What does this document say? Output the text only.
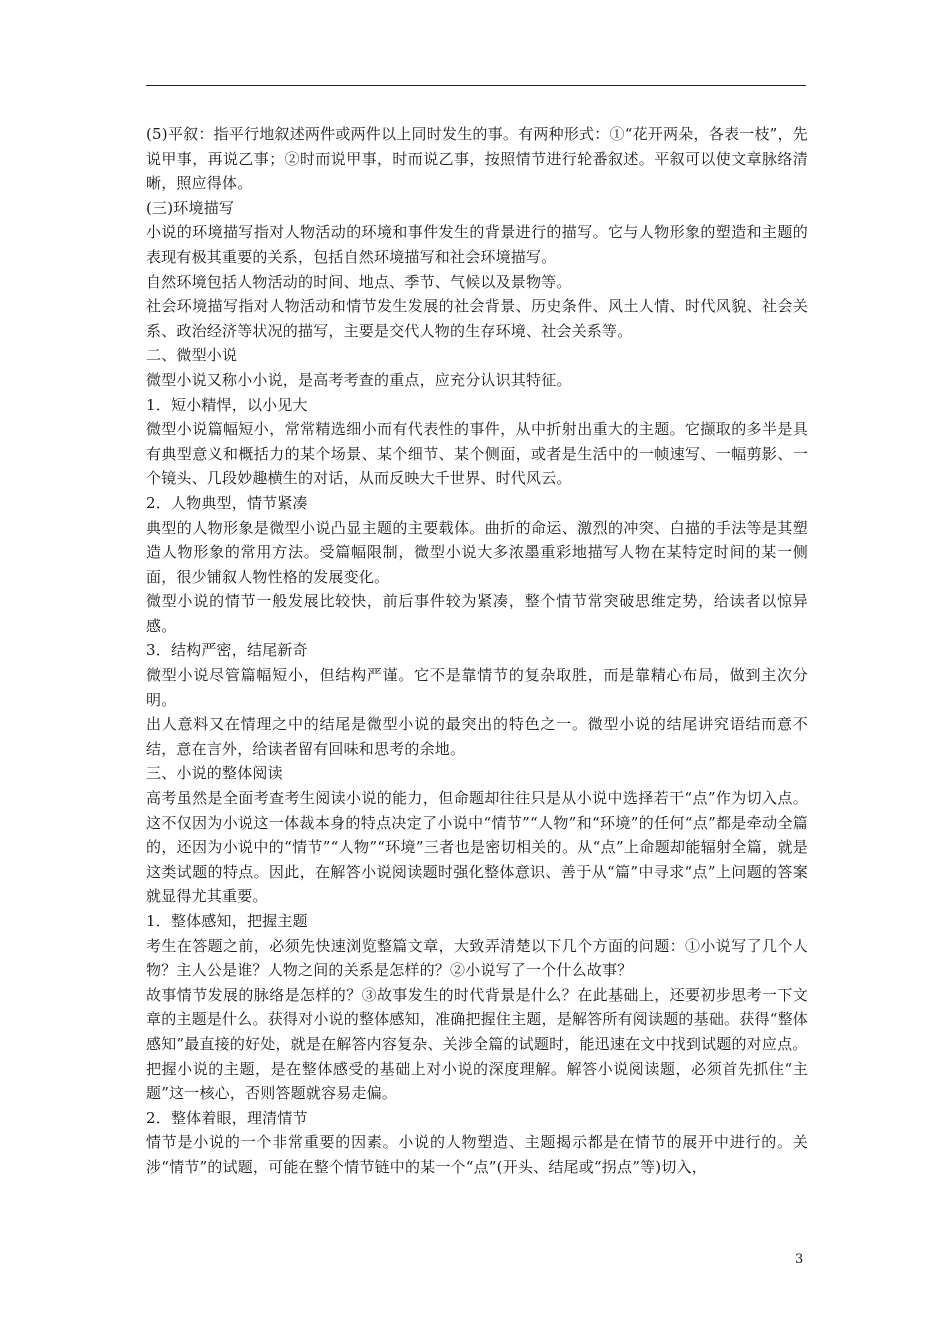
(5)平叙：指平行地叙述两件或两件以上同时发生的事。有两种形式：①“花开两朵，各表一枝”，先说甲事，再说乙事；②时而说甲事，时而说乙事，按照情节进行轮番叙述。平叙可以使文章脉络清晰，照应得体。

(三)环境描写

小说的环境描写指对人物活动的环境和事件发生的背景进行的描写。它与人物形象的塑造和主题的表现有极其重要的关系，包括自然环境描写和社会环境描写。

自然环境包括人物活动的时间、地点、季节、气候以及景物等。

社会环境描写指对人物活动和情节发生发展的社会背景、历史条件、风土人情、时代风貌、社会关系、政治经济等状况的描写，主要是交代人物的生存环境、社会关系等。

二、微型小说

微型小说又称小小说，是高考考查的重点，应充分认识其特征。

1．短小精悍，以小见大

微型小说篇幅短小，常常精选细小而有代表性的事件，从中折射出重大的主题。它撷取的多半是具有典型意义和概括力的某个场景、某个细节、某个侧面，或者是生活中的一帧速写、一幅剪影、一个镜头、几段妙趣横生的对话，从而反映大千世界、时代风云。

2．人物典型，情节紧凑

典型的人物形象是微型小说凸显主题的主要载体。曲折的命运、激烈的冲突、白描的手法等是其塑造人物形象的常用方法。受篇幅限制，微型小说大多浓墨重彩地描写人物在某特定时间的某一侧面，很少铺叙人物性格的发展变化。

微型小说的情节一般发展比较快，前后事件较为紧凑，整个情节常突破思维定势，给读者以惊异感。

3．结构严密，结尾新奇

微型小说尽管篇幅短小，但结构严谨。它不是靠情节的复杂取胜，而是靠精心布局，做到主次分明。

出人意料又在情理之中的结尾是微型小说的最突出的特色之一。微型小说的结尾讲究语结而意不结，意在言外，给读者留有回味和思考的余地。

三、小说的整体阅读

高考虽然是全面考查考生阅读小说的能力，但命题却往往只是从小说中选择若干“点”作为切入点。这不仅因为小说这一体裁本身的特点决定了小说中“情节”“人物”和“环境”的任何“点”都是牵动全篇的，还因为小说中的“情节”“人物”“环境”三者也是密切相关的。从“点”上命题却能辐射全篇，就是这类试题的特点。因此，在解答小说阅读题时强化整体意识、善于从“篇”中寻求“点”上问题的答案就显得尤其重要。

1．整体感知，把握主题

考生在答题之前，必须先快速浏览整篇文章，大致弄清楚以下几个方面的问题：①小说写了几个人物？主人公是谁？人物之间的关系是怎样的？②小说写了一个什么故事？

故事情节发展的脉络是怎样的？③故事发生的时代背景是什么？在此基础上，还要初步思考一下文章的主题是什么。获得对小说的整体感知，准确把握住主题，是解答所有阅读题的基础。获得“整体感知”最直接的好处，就是在解答内容复杂、关涉全篇的试题时，能迅速在文中找到试题的对应点。

把握小说的主题，是在整体感受的基础上对小说的深度理解。解答小说阅读题，必须首先抓住“主题”这一核心，否则答题就容易走偏。

2．整体着眼，理清情节

情节是小说的一个非常重要的因素。小说的人物塑造、主题揭示都是在情节的展开中进行的。关涉“情节”的试题，可能在整个情节链中的某一个“点”(开头、结尾或“拐点”等)切入，

3
